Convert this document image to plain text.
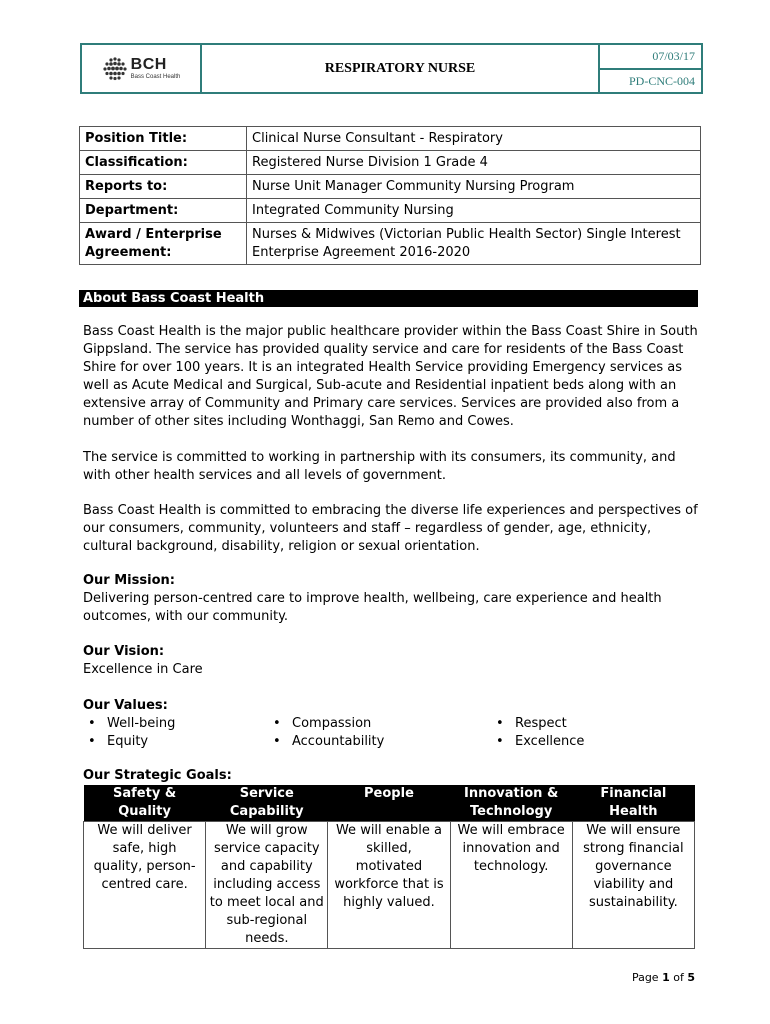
BCH
Bass Coast Health
RESPIRATORY NURSE
07/03/17
PD-CNC-004
Position Title:	Clinical Nurse Consultant - Respiratory
Classification:	Registered Nurse Division 1 Grade 4
Reports to:	Nurse Unit Manager Community Nursing Program
Department:	Integrated Community Nursing
Award / Enterprise Agreement:	Nurses & Midwives (Victorian Public Health Sector) Single Interest Enterprise Agreement 2016-2020
About Bass Coast Health
Bass Coast Health is the major public healthcare provider within the Bass Coast Shire in South Gippsland. The service has provided quality service and care for residents of the Bass Coast Shire for over 100 years. It is an integrated Health Service providing Emergency services as well as Acute Medical and Surgical, Sub-acute and Residential inpatient beds along with an extensive array of Community and Primary care services. Services are provided also from a number of other sites including Wonthaggi, San Remo and Cowes.
The service is committed to working in partnership with its consumers, its community, and with other health services and all levels of government.
Bass Coast Health is committed to embracing the diverse life experiences and perspectives of our consumers, community, volunteers and staff – regardless of gender, age, ethnicity, cultural background, disability, religion or sexual orientation.
Our Mission:
Delivering person-centred care to improve health, wellbeing, care experience and health outcomes, with our community.
Our Vision:
Excellence in Care
Our Values:
• Well-being
• Equity
• Compassion
• Accountability
• Respect
• Excellence
Our Strategic Goals:
Safety & Quality	Service Capability	People	Innovation & Technology	Financial Health
We will deliver safe, high quality, person-centred care.	We will grow service capacity and capability including access to meet local and sub-regional needs.	We will enable a skilled, motivated workforce that is highly valued.	We will embrace innovation and technology.	We will ensure strong financial governance viability and sustainability.
Page 1 of 5
